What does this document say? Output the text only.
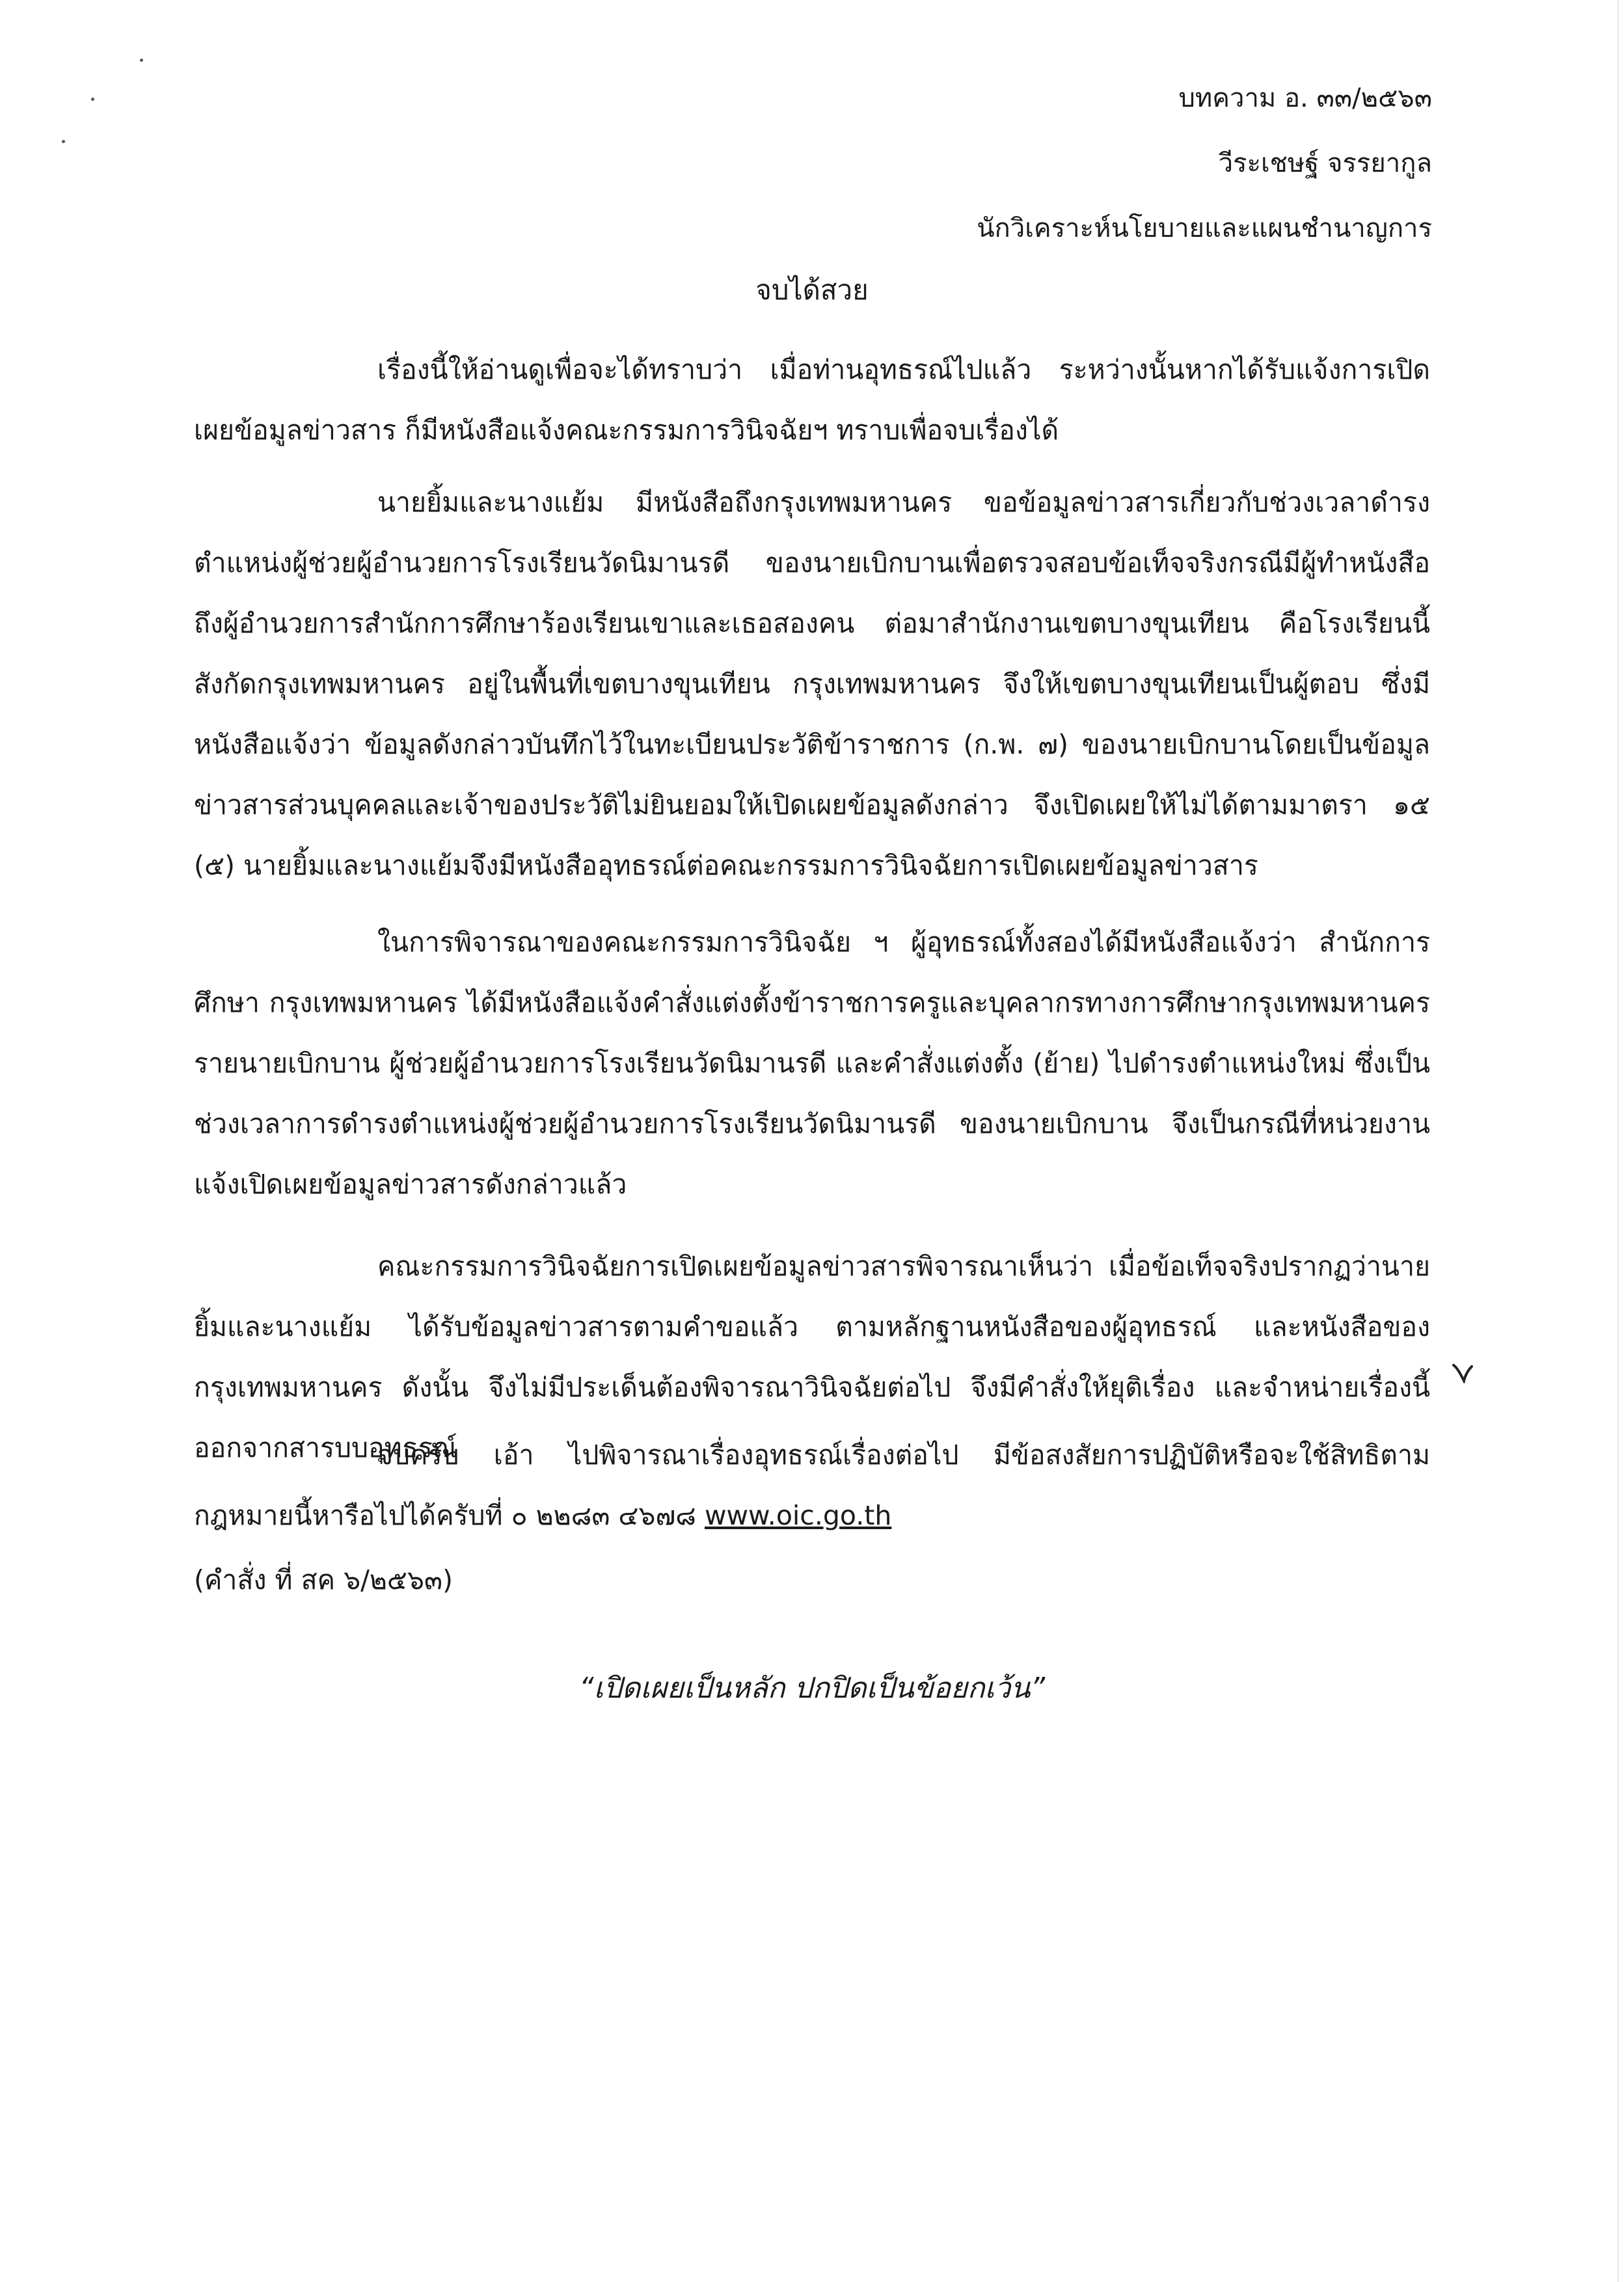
บทความ อ. ๓๓/๒๕๖๓
วีระเชษฐ์ จรรยากูล
นักวิเคราะห์นโยบายและแผนชำนาญการ
จบได้สวย

เรื่องนี้ให้อ่านดูเพื่อจะได้ทราบว่า เมื่อท่านอุทธรณ์ไปแล้ว ระหว่างนั้นหากได้รับแจ้งการเปิดเผยข้อมูลข่าวสาร ก็มีหนังสือแจ้งคณะกรรมการวินิจฉัยฯ ทราบเพื่อจบเรื่องได้

นายยิ้มและนางแย้ม มีหนังสือถึงกรุงเทพมหานคร ขอข้อมูลข่าวสารเกี่ยวกับช่วงเวลาดำรงตำแหน่งผู้ช่วยผู้อำนวยการโรงเรียนวัดนิมานรดี ของนายเบิกบานเพื่อตรวจสอบข้อเท็จจริงกรณีมีผู้ทำหนังสือถึงผู้อำนวยการสำนักการศึกษาร้องเรียนเขาและเธอสองคน ต่อมาสำนักงานเขตบางขุนเทียน คือโรงเรียนนี้สังกัดกรุงเทพมหานคร อยู่ในพื้นที่เขตบางขุนเทียน กรุงเทพมหานคร จึงให้เขตบางขุนเทียนเป็นผู้ตอบ ซึ่งมีหนังสือแจ้งว่า ข้อมูลดังกล่าวบันทึกไว้ในทะเบียนประวัติข้าราชการ (ก.พ. ๗) ของนายเบิกบานโดยเป็นข้อมูลข่าวสารส่วนบุคคลและเจ้าของประวัติไม่ยินยอมให้เปิดเผยข้อมูลดังกล่าว จึงเปิดเผยให้ไม่ได้ตามมาตรา ๑๕ (๕) นายยิ้มและนางแย้มจึงมีหนังสืออุทธรณ์ต่อคณะกรรมการวินิจฉัยการเปิดเผยข้อมูลข่าวสาร

ในการพิจารณาของคณะกรรมการวินิจฉัย ฯ ผู้อุทธรณ์ทั้งสองได้มีหนังสือแจ้งว่า สำนักการศึกษา กรุงเทพมหานคร ได้มีหนังสือแจ้งคำสั่งแต่งตั้งข้าราชการครูและบุคลากรทางการศึกษากรุงเทพมหานคร รายนายเบิกบาน ผู้ช่วยผู้อำนวยการโรงเรียนวัดนิมานรดี และคำสั่งแต่งตั้ง (ย้าย) ไปดำรงตำแหน่งใหม่ ซึ่งเป็นช่วงเวลาการดำรงตำแหน่งผู้ช่วยผู้อำนวยการโรงเรียนวัดนิมานรดี ของนายเบิกบาน จึงเป็นกรณีที่หน่วยงานแจ้งเปิดเผยข้อมูลข่าวสารดังกล่าวแล้ว

คณะกรรมการวินิจฉัยการเปิดเผยข้อมูลข่าวสารพิจารณาเห็นว่า เมื่อข้อเท็จจริงปรากฏว่านายยิ้มและนางแย้ม ได้รับข้อมูลข่าวสารตามคำขอแล้ว ตามหลักฐานหนังสือของผู้อุทธรณ์ และหนังสือของกรุงเทพมหานคร ดังนั้น จึงไม่มีประเด็นต้องพิจารณาวินิจฉัยต่อไป จึงมีคำสั่งให้ยุติเรื่อง และจำหน่ายเรื่องนี้ออกจากสารบบอุทธรณ์

จบครับ เอ้า ไปพิจารณาเรื่องอุทธรณ์เรื่องต่อไป มีข้อสงสัยการปฏิบัติหรือจะใช้สิทธิตามกฎหมายนี้หารือไปได้ครับที่ ๐ ๒๒๘๓ ๔๖๗๘ www.oic.go.th

(คำสั่ง ที่ สค ๖/๒๕๖๓)
“เปิดเผยเป็นหลัก ปกปิดเป็นข้อยกเว้น”
